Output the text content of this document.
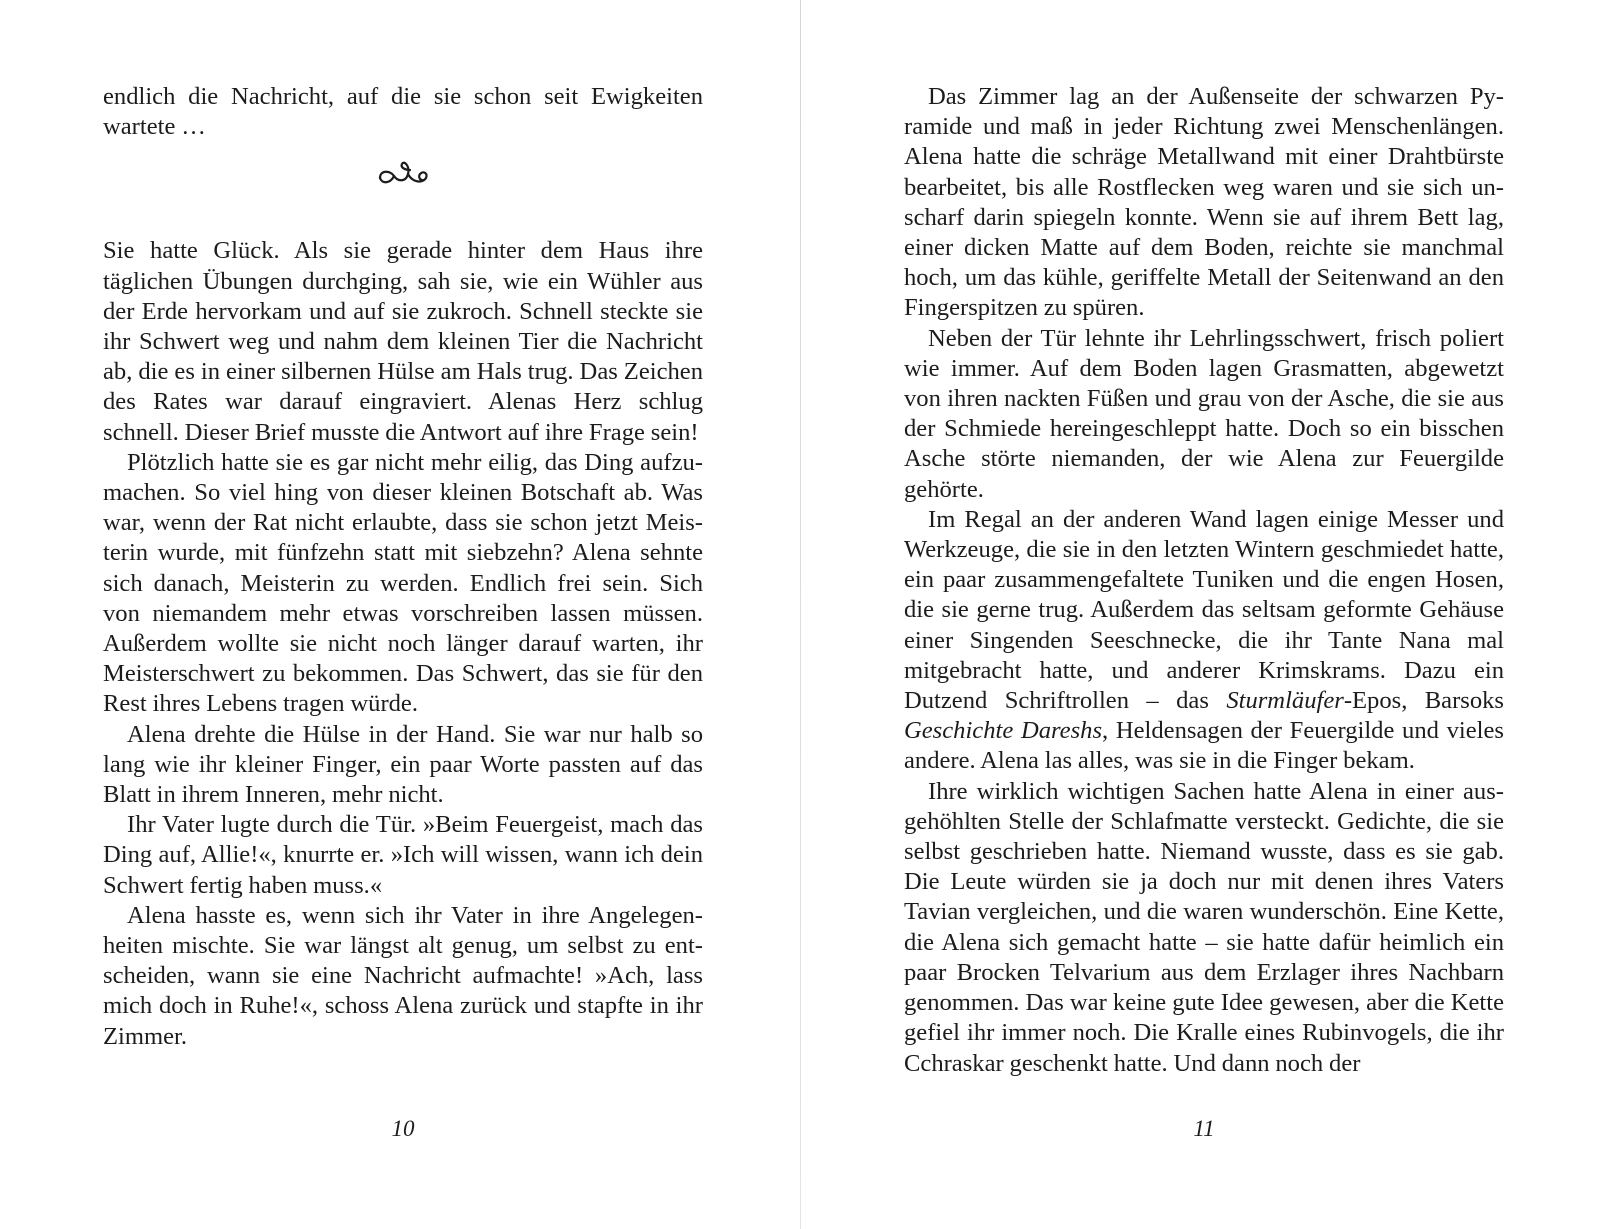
endlich die Nachricht, auf die sie schon seit Ewigkeiten wartete …

Sie hatte Glück. Als sie gerade hinter dem Haus ihre täglichen Übungen durchging, sah sie, wie ein Wühler aus der Erde hervorkam und auf sie zukroch. Schnell steckte sie ihr Schwert weg und nahm dem kleinen Tier die Nachricht ab, die es in einer silbernen Hülse am Hals trug. Das Zeichen des Rates war darauf eingraviert. Alenas Herz schlug schnell. Dieser Brief musste die Antwort auf ihre Frage sein!

Plötzlich hatte sie es gar nicht mehr eilig, das Ding aufzumachen. So viel hing von dieser kleinen Botschaft ab. Was war, wenn der Rat nicht erlaubte, dass sie schon jetzt Meisterin wurde, mit fünfzehn statt mit siebzehn? Alena sehnte sich danach, Meisterin zu werden. Endlich frei sein. Sich von niemandem mehr etwas vorschreiben lassen müssen. Außerdem wollte sie nicht noch länger darauf warten, ihr Meisterschwert zu bekommen. Das Schwert, das sie für den Rest ihres Lebens tragen würde.

Alena drehte die Hülse in der Hand. Sie war nur halb so lang wie ihr kleiner Finger, ein paar Worte passten auf das Blatt in ihrem Inneren, mehr nicht.

Ihr Vater lugte durch die Tür. »Beim Feuergeist, mach das Ding auf, Allie!«, knurrte er. »Ich will wissen, wann ich dein Schwert fertig haben muss.«

Alena hasste es, wenn sich ihr Vater in ihre Angelegenheiten mischte. Sie war längst alt genug, um selbst zu entscheiden, wann sie eine Nachricht aufmachte! »Ach, lass mich doch in Ruhe!«, schoss Alena zurück und stapfte in ihr Zimmer.

10

Das Zimmer lag an der Außenseite der schwarzen Pyramide und maß in jeder Richtung zwei Menschenlängen. Alena hatte die schräge Metallwand mit einer Drahtbürste bearbeitet, bis alle Rostflecken weg waren und sie sich unscharf darin spiegeln konnte. Wenn sie auf ihrem Bett lag, einer dicken Matte auf dem Boden, reichte sie manchmal hoch, um das kühle, geriffelte Metall der Seitenwand an den Fingerspitzen zu spüren.

Neben der Tür lehnte ihr Lehrlingsschwert, frisch poliert wie immer. Auf dem Boden lagen Grasmatten, abgewetzt von ihren nackten Füßen und grau von der Asche, die sie aus der Schmiede hereingeschleppt hatte. Doch so ein bisschen Asche störte niemanden, der wie Alena zur Feuergilde gehörte.

Im Regal an der anderen Wand lagen einige Messer und Werkzeuge, die sie in den letzten Wintern geschmiedet hatte, ein paar zusammengefaltete Tuniken und die engen Hosen, die sie gerne trug. Außerdem das seltsam geformte Gehäuse einer Singenden Seeschnecke, die ihr Tante Nana mal mitgebracht hatte, und anderer Krimskrams. Dazu ein Dutzend Schriftrollen – das Sturmläufer-Epos, Barsoks Geschichte Dareshs, Heldensagen der Feuergilde und vieles andere. Alena las alles, was sie in die Finger bekam.

Ihre wirklich wichtigen Sachen hatte Alena in einer ausgehöhlten Stelle der Schlafmatte versteckt. Gedichte, die sie selbst geschrieben hatte. Niemand wusste, dass es sie gab. Die Leute würden sie ja doch nur mit denen ihres Vaters Tavian vergleichen, und die waren wunderschön. Eine Kette, die Alena sich gemacht hatte – sie hatte dafür heimlich ein paar Brocken Telvarium aus dem Erzlager ihres Nachbarn genommen. Das war keine gute Idee gewesen, aber die Kette gefiel ihr immer noch. Die Kralle eines Rubinvogels, die ihr Cchraskar geschenkt hatte. Und dann noch der

11
